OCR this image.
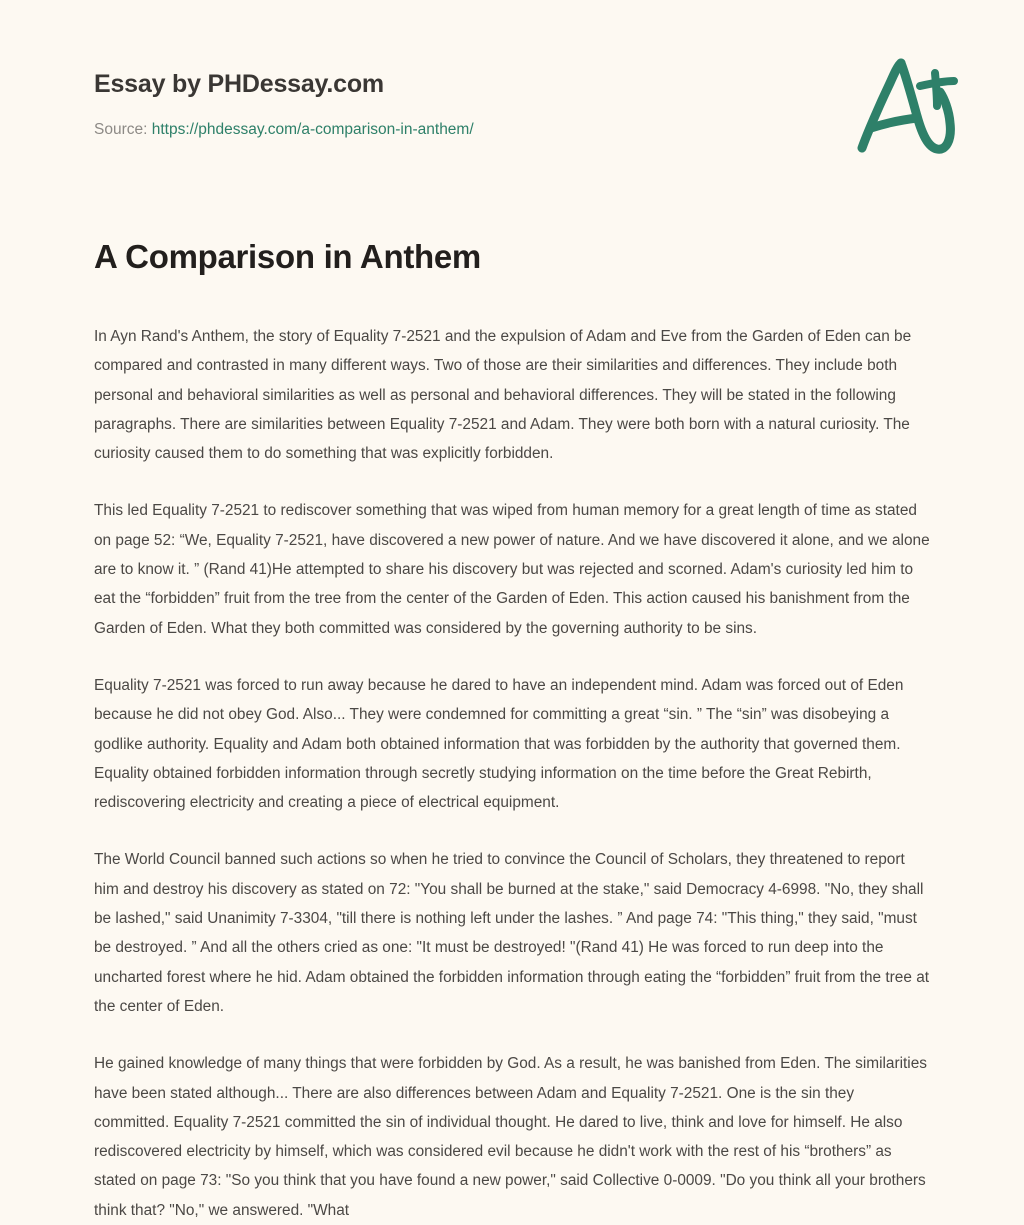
Essay by PHDessay.com
Source: https://phdessay.com/a-comparison-in-anthem/
A Comparison in Anthem

In Ayn Rand's Anthem, the story of Equality 7-2521 and the expulsion of Adam and Eve from the Garden of Eden can be compared and contrasted in many different ways. Two of those are their similarities and differences. They include both personal and behavioral similarities as well as personal and behavioral differences. They will be stated in the following paragraphs. There are similarities between Equality 7-2521 and Adam. They were both born with a natural curiosity. The curiosity caused them to do something that was explicitly forbidden.

This led Equality 7-2521 to rediscover something that was wiped from human memory for a great length of time as stated on page 52: “We, Equality 7-2521, have discovered a new power of nature. And we have discovered it alone, and we alone are to know it. ” (Rand 41)He attempted to share his discovery but was rejected and scorned. Adam's curiosity led him to eat the “forbidden” fruit from the tree from the center of the Garden of Eden. This action caused his banishment from the Garden of Eden. What they both committed was considered by the governing authority to be sins.

Equality 7-2521 was forced to run away because he dared to have an independent mind. Adam was forced out of Eden because he did not obey God. Also... They were condemned for committing a great “sin. ” The “sin” was disobeying a godlike authority. Equality and Adam both obtained information that was forbidden by the authority that governed them. Equality obtained forbidden information through secretly studying information on the time before the Great Rebirth, rediscovering electricity and creating a piece of electrical equipment.

The World Council banned such actions so when he tried to convince the Council of Scholars, they threatened to report him and destroy his discovery as stated on 72: "You shall be burned at the stake," said Democracy 4-6998. "No, they shall be lashed," said Unanimity 7-3304, "till there is nothing left under the lashes. ” And page 74: "This thing," they said, "must be destroyed. ” And all the others cried as one: "It must be destroyed! "(Rand 41) He was forced to run deep into the uncharted forest where he hid. Adam obtained the forbidden information through eating the “forbidden” fruit from the tree at the center of Eden.

He gained knowledge of many things that were forbidden by God. As a result, he was banished from Eden. The similarities have been stated although... There are also differences between Adam and Equality 7-2521. One is the sin they committed. Equality 7-2521 committed the sin of individual thought. He dared to live, think and love for himself. He also rediscovered electricity by himself, which was considered evil because he didn't work with the rest of his “brothers” as stated on page 73: "So you think that you have found a new power," said Collective 0-0009. "Do you think all your brothers think that? "No," we answered. "What
